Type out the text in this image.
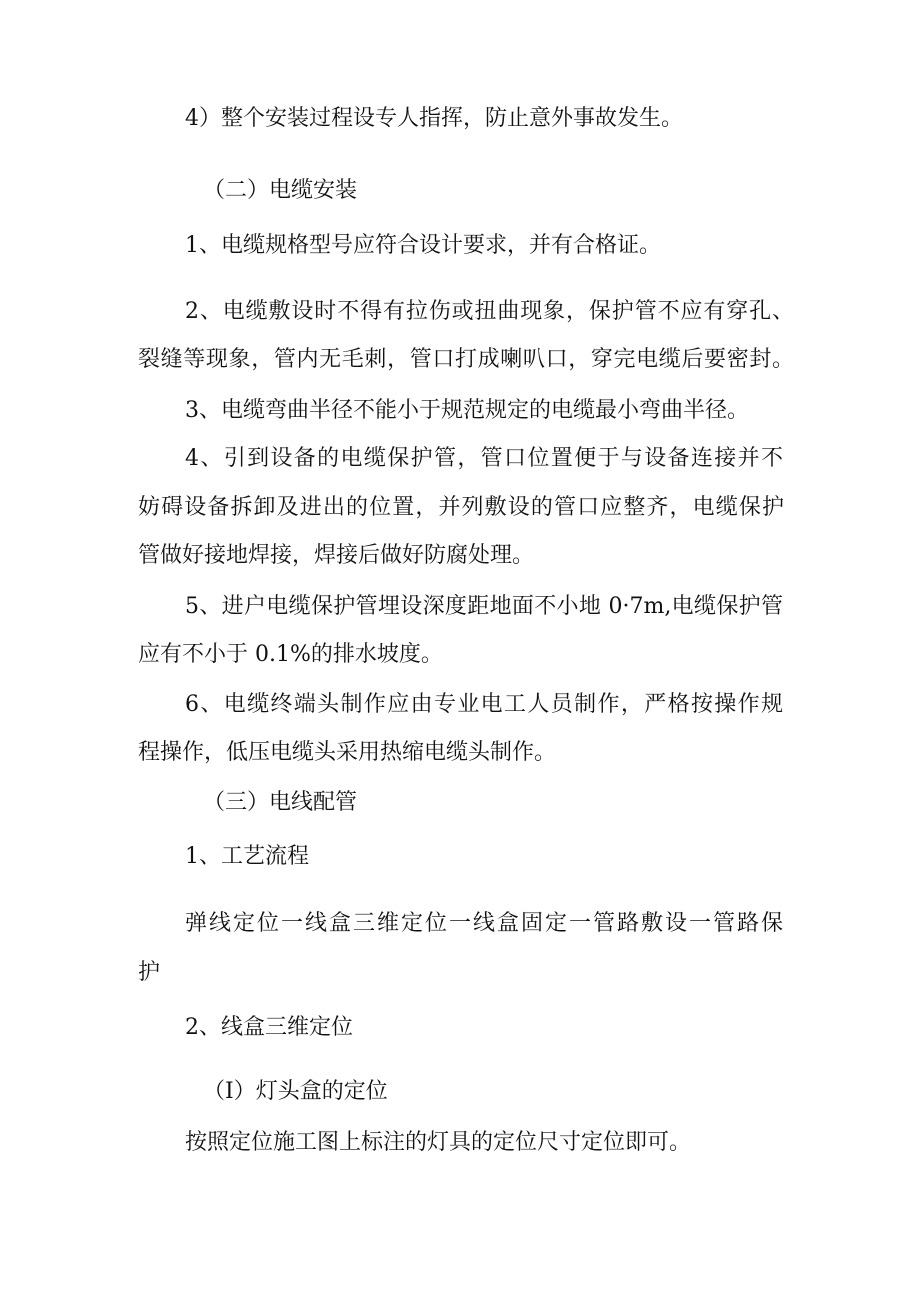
4）整个安装过程设专人指挥，防止意外事故发生。

（二）电缆安装

1、电缆规格型号应符合设计要求，并有合格证。

2、电缆敷设时不得有拉伤或扭曲现象，保护管不应有穿孔、

裂缝等现象，管内无毛刺，管口打成喇叭口，穿完电缆后要密封。

3、电缆弯曲半径不能小于规范规定的电缆最小弯曲半径。

4、引到设备的电缆保护管，管口位置便于与设备连接并不

妨碍设备拆卸及进出的位置，并列敷设的管口应整齐，电缆保护

管做好接地焊接，焊接后做好防腐处理。

5、进户电缆保护管埋设深度距地面不小地 0·7m,电缆保护管

应有不小于 0.1%的排水坡度。

6、电缆终端头制作应由专业电工人员制作，严格按操作规

程操作，低压电缆头采用热缩电缆头制作。

（三）电线配管

1、工艺流程

弹线定位一线盒三维定位一线盒固定一管路敷设一管路保

护

2、线盒三维定位

（I）灯头盒的定位

按照定位施工图上标注的灯具的定位尺寸定位即可。
